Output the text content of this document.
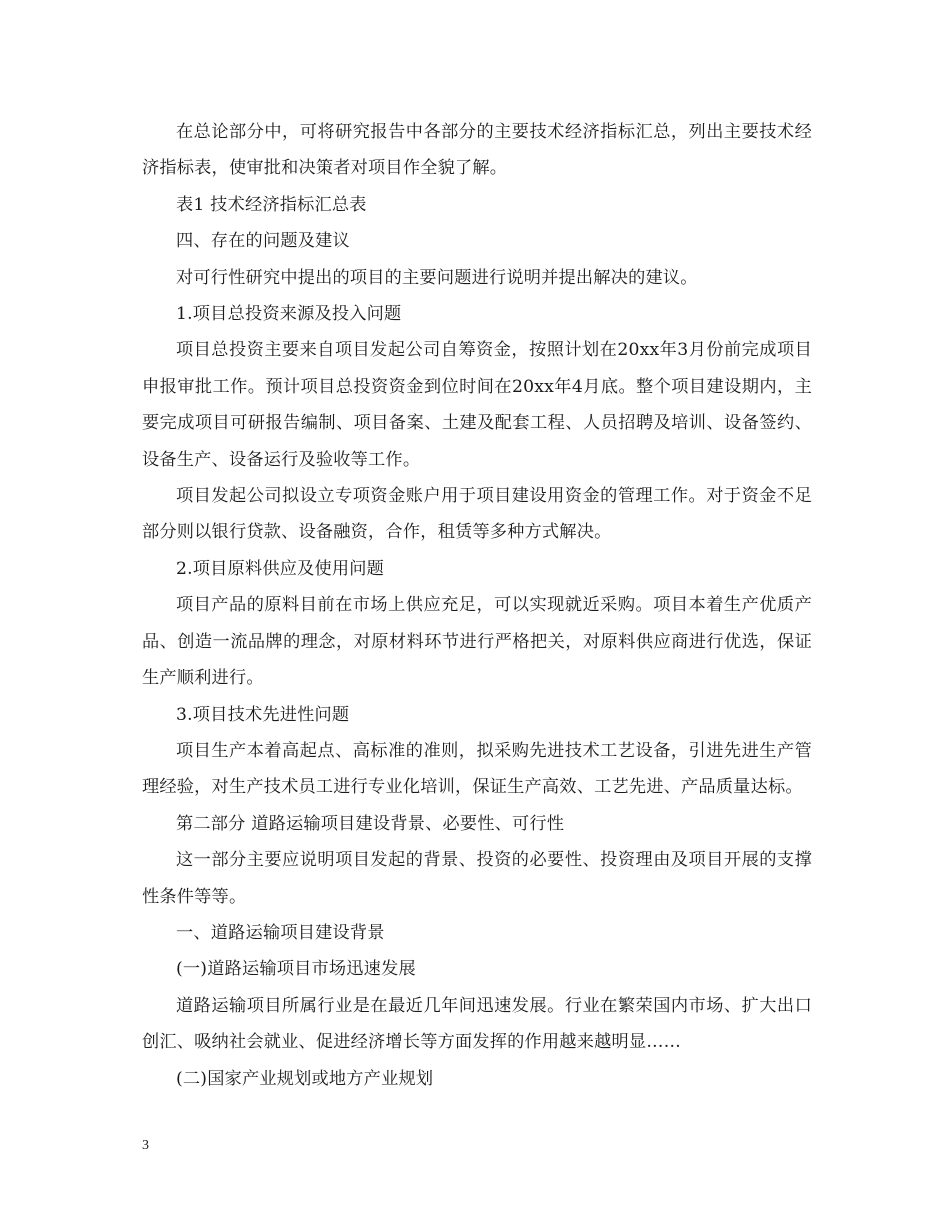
在总论部分中，可将研究报告中各部分的主要技术经济指标汇总，列出主要技术经济指标表，使审批和决策者对项目作全貌了解。

表1 技术经济指标汇总表

四、存在的问题及建议

对可行性研究中提出的项目的主要问题进行说明并提出解决的建议。

1.项目总投资来源及投入问题

项目总投资主要来自项目发起公司自筹资金，按照计划在20xx年3月份前完成项目申报审批工作。预计项目总投资资金到位时间在20xx年4月底。整个项目建设期内，主要完成项目可研报告编制、项目备案、土建及配套工程、人员招聘及培训、设备签约、设备生产、设备运行及验收等工作。

项目发起公司拟设立专项资金账户用于项目建设用资金的管理工作。对于资金不足部分则以银行贷款、设备融资，合作，租赁等多种方式解决。

2.项目原料供应及使用问题

项目产品的原料目前在市场上供应充足，可以实现就近采购。项目本着生产优质产品、创造一流品牌的理念，对原材料环节进行严格把关，对原料供应商进行优选，保证生产顺利进行。

3.项目技术先进性问题

项目生产本着高起点、高标准的准则，拟采购先进技术工艺设备，引进先进生产管理经验，对生产技术员工进行专业化培训，保证生产高效、工艺先进、产品质量达标。

第二部分 道路运输项目建设背景、必要性、可行性

这一部分主要应说明项目发起的背景、投资的必要性、投资理由及项目开展的支撑性条件等等。

一、道路运输项目建设背景

(一)道路运输项目市场迅速发展

道路运输项目所属行业是在最近几年间迅速发展。行业在繁荣国内市场、扩大出口创汇、吸纳社会就业、促进经济增长等方面发挥的作用越来越明显……

(二)国家产业规划或地方产业规划

3
